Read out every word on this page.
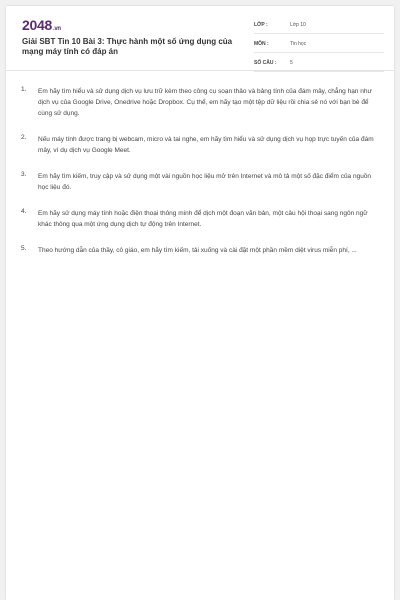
2048.vn
Giải SBT Tin 10 Bài 3: Thực hành một số ứng dụng của mạng máy tính có đáp án
LỚP :	Lớp 10
MÔN :	Tin học
SỐ CÂU :	5
1. Em hãy tìm hiểu và sử dụng dịch vụ lưu trữ kèm theo công cụ soạn thảo và bảng tính của đám mây, chẳng hạn như dịch vụ của Google Drive, Onedrive hoặc Dropbox. Cụ thể, em hãy tạo một tệp dữ liệu rồi chia sẻ nó với bạn bè để cùng sử dụng.
2. Nếu máy tính được trang bị webcam, micro và tai nghe, em hãy tìm hiểu và sử dụng dịch vụ họp trực tuyến của đám mây, ví dụ dịch vụ Google Meet.
3. Em hãy tìm kiếm, truy cập và sử dụng một vài nguồn học liệu mở trên Internet và mô tả một số đặc điểm của nguồn học liệu đó.
4. Em hãy sử dụng máy tính hoặc điện thoại thông minh để dịch một đoạn văn bản, một câu hội thoại sang ngôn ngữ khác thông qua một ứng dụng dịch tự động trên Internet.
5. Theo hướng dẫn của thầy, cô giáo, em hãy tìm kiếm, tải xuống và cài đặt một phần mềm diệt virus miễn phí, ...
